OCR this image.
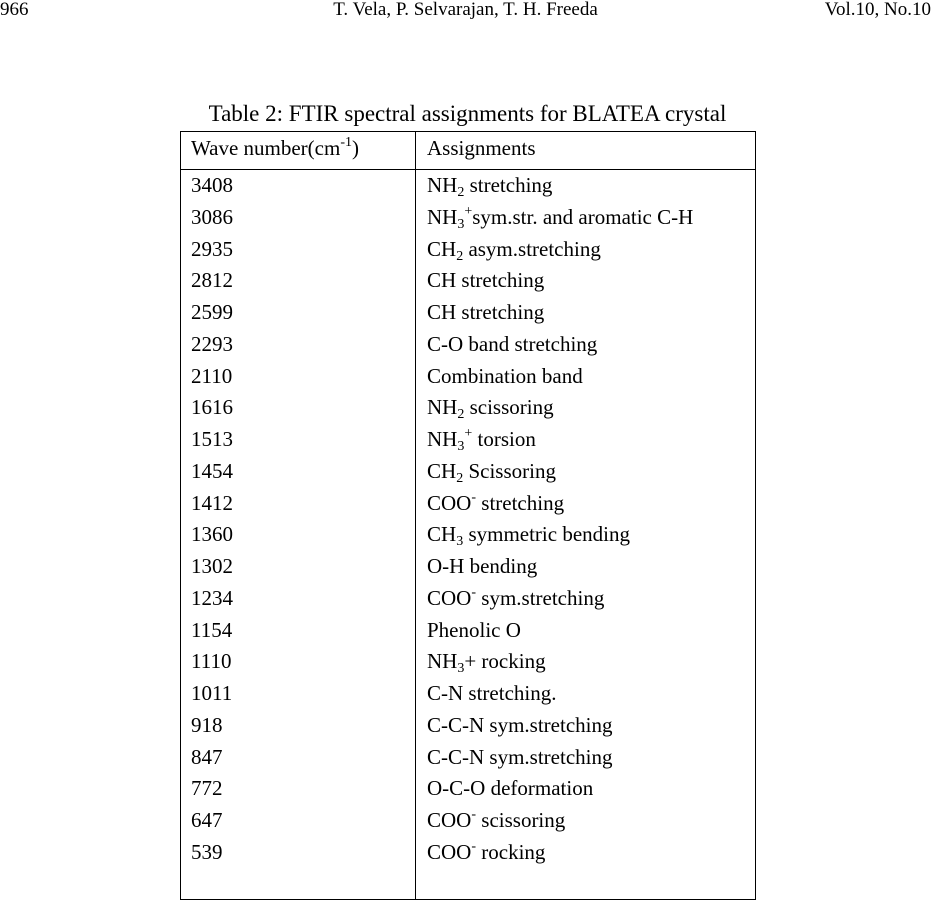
966	T. Vela, P. Selvarajan, T. H. Freeda	Vol.10, No.10
Table 2: FTIR spectral assignments for BLATEA crystal
Wave $number(cm^{-1})$	Assignments
3408	$NH_2$ stretching
3086	$NH_3^+sym.str$. and aromatic C-H
2935	$CH_2$ asym.stretching
2812	CH stretching
2599	CH stretching
2293	C-O band stretching
2110	Combination band
1616	$NH_2$ scissoring
1513	$NH_3^+$ torsion
1454	$CH_2$ Scissoring
1412	COO- stretching
1360	$CH_3$ symmetric bending
1302	O-H bending
1234	COO- sym.stretching
1154	Phenolic O
1110	$NH_3+$ rocking
1011	C-N stretching.
918	C-C-N sym.stretching
847	C-C-N sym.stretching
772	O-C-O deformation
647	COO- scissoring
539	COO- rocking
